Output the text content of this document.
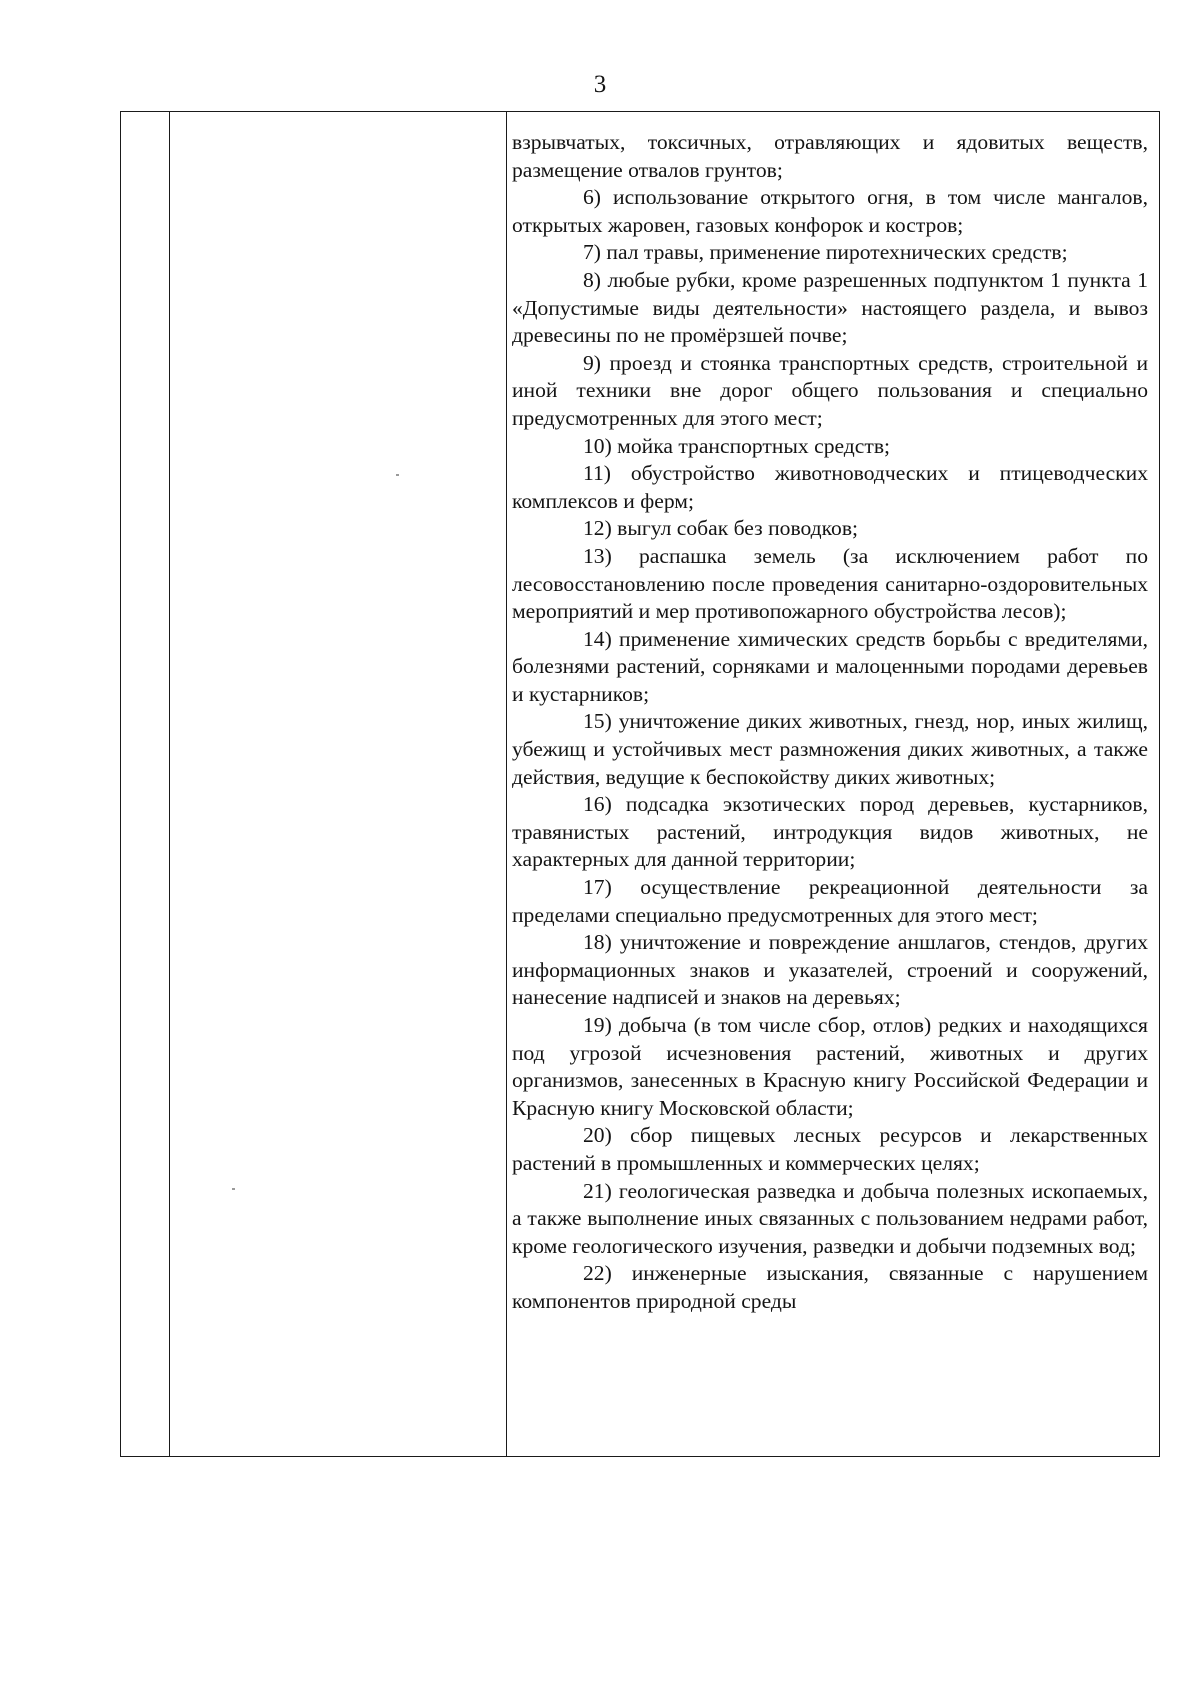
3

взрывчатых, токсичных, отравляющих и ядовитых веществ, размещение отвалов грунтов;

6) использование открытого огня, в том числе мангалов, открытых жаровен, газовых конфорок и костров;

7) пал травы, применение пиротехнических средств;

8) любые рубки, кроме разрешенных подпунктом 1 пункта 1 «Допустимые виды деятельности» настоящего раздела, и вывоз древесины по не промёрзшей почве;

9) проезд и стоянка транспортных средств, строительной и иной техники вне дорог общего пользования и специально предусмотренных для этого мест;

10) мойка транспортных средств;

11) обустройство животноводческих и птицеводческих комплексов и ферм;

12) выгул собак без поводков;

13) распашка земель (за исключением работ по лесовосстановлению после проведения санитарно-оздоровительных мероприятий и мер противопожарного обустройства лесов);

14) применение химических средств борьбы с вредителями, болезнями растений, сорняками и малоценными породами деревьев и кустарников;

15) уничтожение диких животных, гнезд, нор, иных жилищ, убежищ и устойчивых мест размножения диких животных, а также действия, ведущие к беспокойству диких животных;

16) подсадка экзотических пород деревьев, кустарников, травянистых растений, интродукция видов животных, не характерных для данной территории;

17) осуществление рекреационной деятельности за пределами специально предусмотренных для этого мест;

18) уничтожение и повреждение аншлагов, стендов, других информационных знаков и указателей, строений и сооружений, нанесение надписей и знаков на деревьях;

19) добыча (в том числе сбор, отлов) редких и находящихся под угрозой исчезновения растений, животных и других организмов, занесенных в Красную книгу Российской Федерации и Красную книгу Московской области;

20) сбор пищевых лесных ресурсов и лекарственных растений в промышленных и коммерческих целях;

21) геологическая разведка и добыча полезных ископаемых, а также выполнение иных связанных с пользованием недрами работ, кроме геологического изучения, разведки и добычи подземных вод;

22) инженерные изыскания, связанные с нарушением компонентов природной среды
